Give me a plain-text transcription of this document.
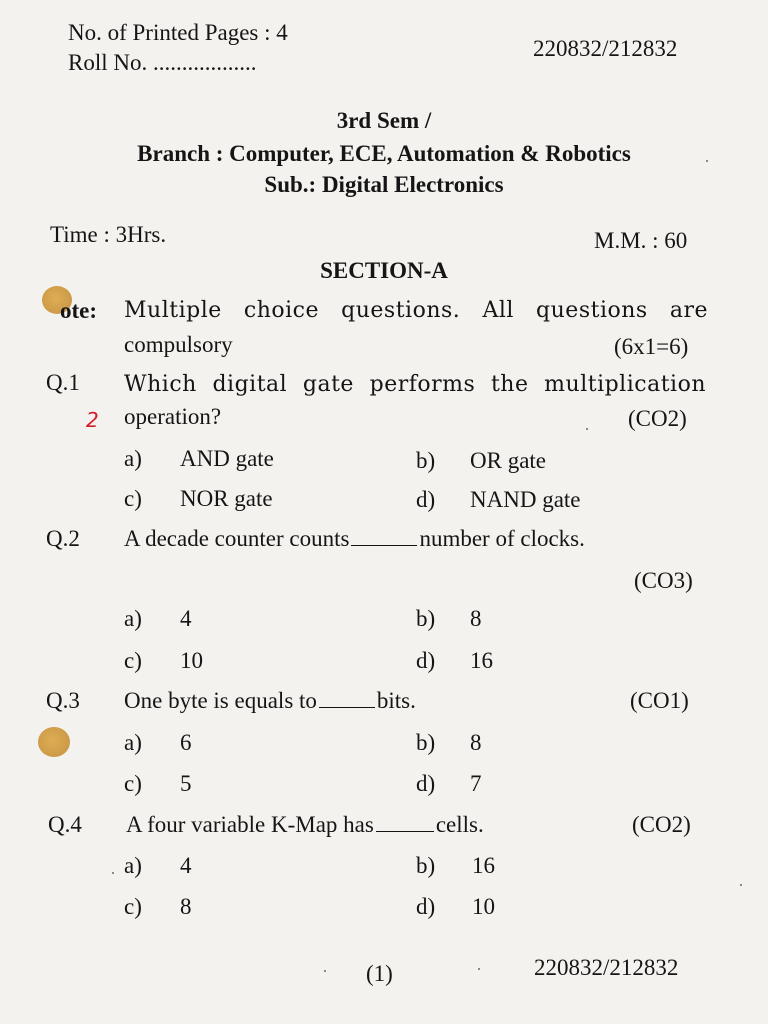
No. of Printed Pages : 4
Roll No. ..................
220832/212832
3rd Sem /
Branch : Computer, ECE, Automation & Robotics
Sub.: Digital Electronics
Time : 3Hrs.	M.M. : 60
SECTION-A
ote: Multiple choice questions. All questions are
compulsory	(6x1=6)
Q.1 Which digital gate performs the multiplication
2 operation?	(CO2)
a) AND gate	b) OR gate
c) NOR gate	d) NAND gate
Q.2 A decade counter counts	number of clocks.
(CO3)
a) 4	b) 8
c) 10	d) 16
Q.3 One byte is equals to	bits.	(CO1)
a) 6	b) 8
c) 5	d) 7
Q.4 A four variable K-Map has	cells.	(CO2)
a) 4	b) 16
c) 8	d) 10
(1)	220832/212832
